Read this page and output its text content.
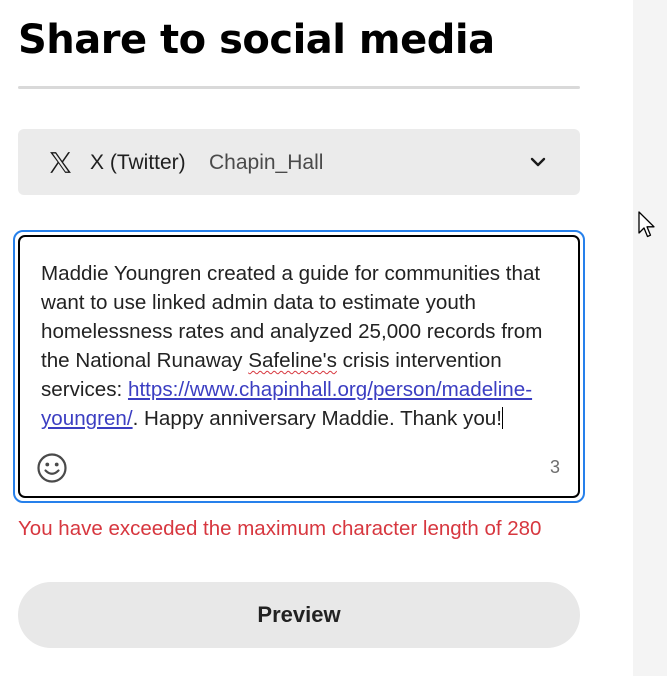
Share to social media
X (Twitter) Chapin_Hall
Maddie Youngren created a guide for communities that want to use linked admin data to estimate youth homelessness rates and analyzed 25,000 records from the National Runaway Safeline's crisis intervention services: https://www.chapinhall.org/person/madeline-youngren/. Happy anniversary Maddie. Thank you!
3
You have exceeded the maximum character length of 280
Preview
